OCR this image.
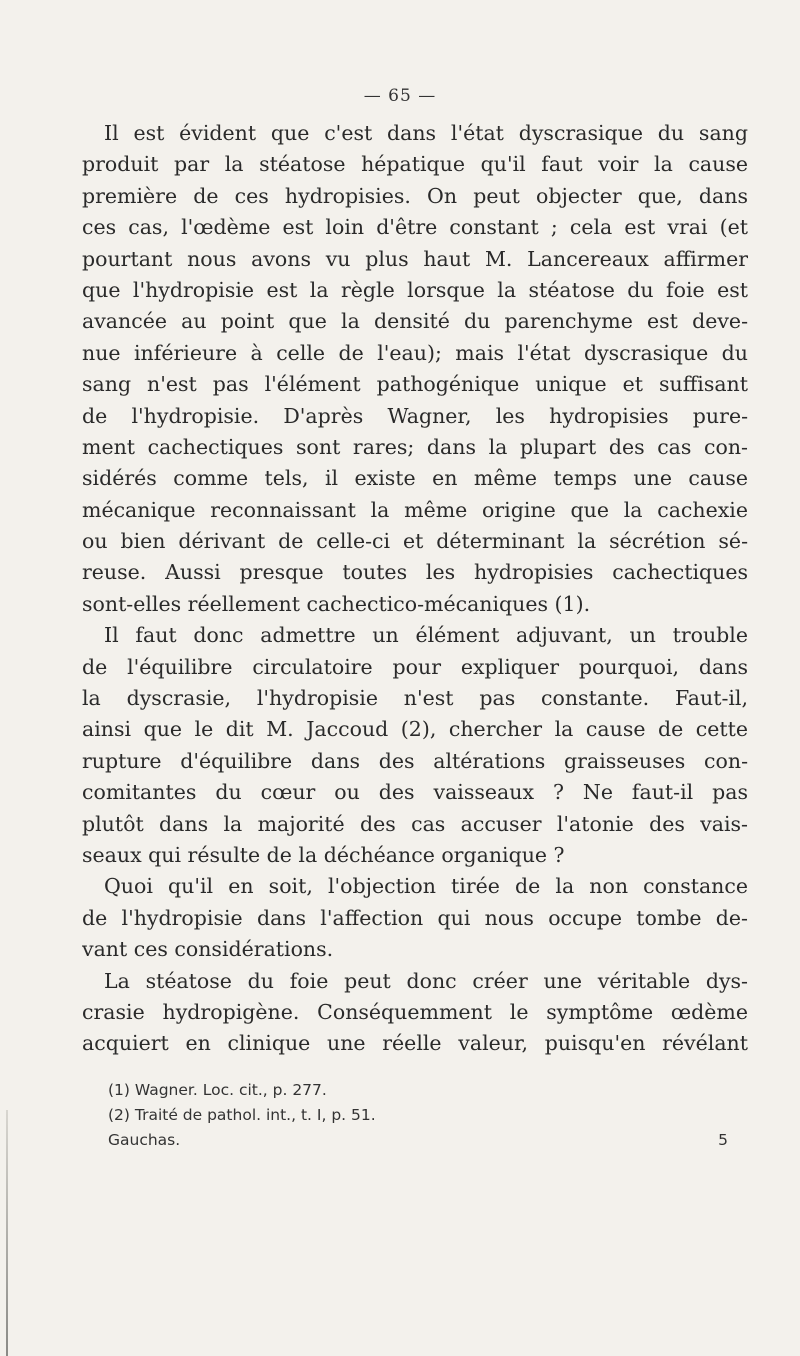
— 65 —
Il est évident que c'est dans l'état dyscrasique du sang
produit par la stéatose hépatique qu'il faut voir la cause
première de ces hydropisies. On peut objecter que, dans
ces cas, l'œdème est loin d'être constant ; cela est vrai (et
pourtant nous avons vu plus haut M. Lancereaux affirmer
que l'hydropisie est la règle lorsque la stéatose du foie est
avancée au point que la densité du parenchyme est deve-
nue inférieure à celle de l'eau); mais l'état dyscrasique du
sang n'est pas l'élément pathogénique unique et suffisant
de l'hydropisie. D'après Wagner, les hydropisies pure-
ment cachectiques sont rares; dans la plupart des cas con-
sidérés comme tels, il existe en même temps une cause
mécanique reconnaissant la même origine que la cachexie
ou bien dérivant de celle-ci et déterminant la sécrétion sé-
reuse. Aussi presque toutes les hydropisies cachectiques
sont-elles réellement cachectico-mécaniques (1).
Il faut donc admettre un élément adjuvant, un trouble
de l'équilibre circulatoire pour expliquer pourquoi, dans
la dyscrasie, l'hydropisie n'est pas constante. Faut-il,
ainsi que le dit M. Jaccoud (2), chercher la cause de cette
rupture d'équilibre dans des altérations graisseuses con-
comitantes du cœur ou des vaisseaux ? Ne faut-il pas
plutôt dans la majorité des cas accuser l'atonie des vais-
seaux qui résulte de la déchéance organique ?
Quoi qu'il en soit, l'objection tirée de la non constance
de l'hydropisie dans l'affection qui nous occupe tombe de-
vant ces considérations.
La stéatose du foie peut donc créer une véritable dys-
crasie hydropigène. Conséquemment le symptôme œdème
acquiert en clinique une réelle valeur, puisqu'en révélant
(1) Wagner. Loc. cit., p. 277.
(2) Traité de pathol. int., t. I, p. 51.
Gauchas.	5
